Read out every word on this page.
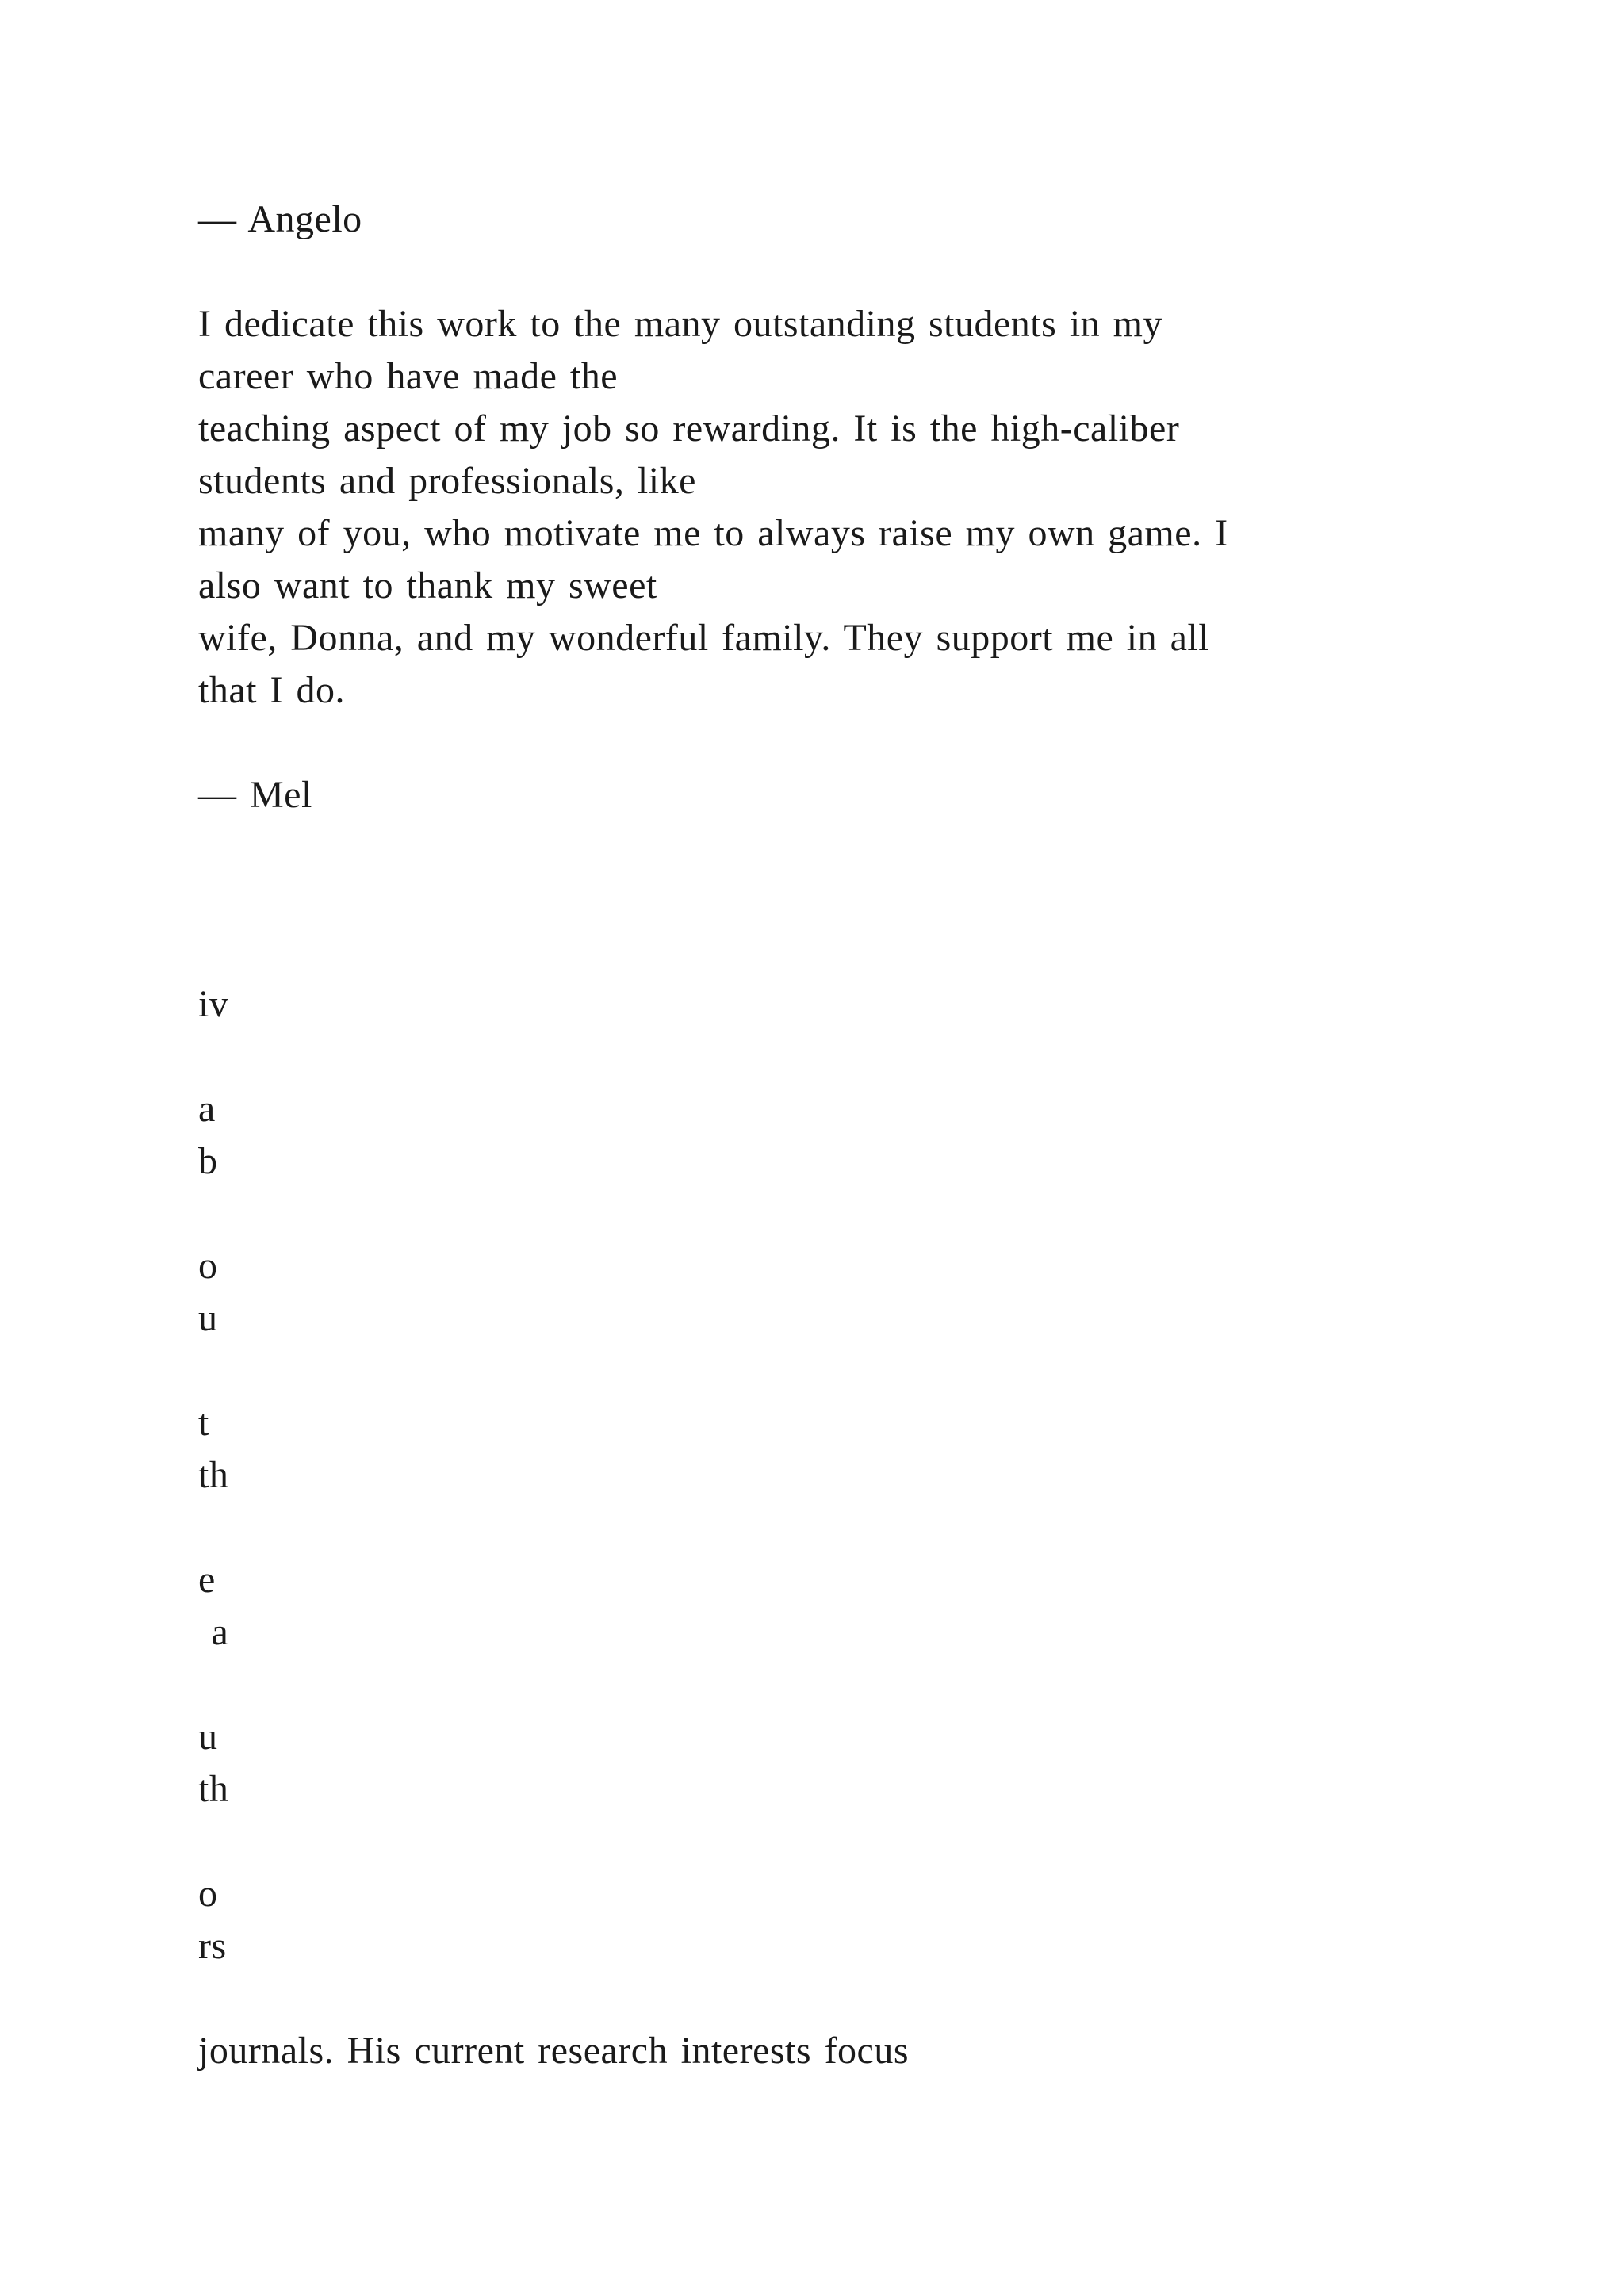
— Angelo

I dedicate this work to the many outstanding students in my

career who have made the

teaching aspect of my job so rewarding. It is the high-caliber

students and professionals, like

many of you, who motivate me to always raise my own game. I

also want to thank my sweet

wife, Donna, and my wonderful family. They support me in all

that I do.

— Mel

iv

a

b

o

u

t

th

e

a

u

th

o

rs

journals. His current research interests focus
